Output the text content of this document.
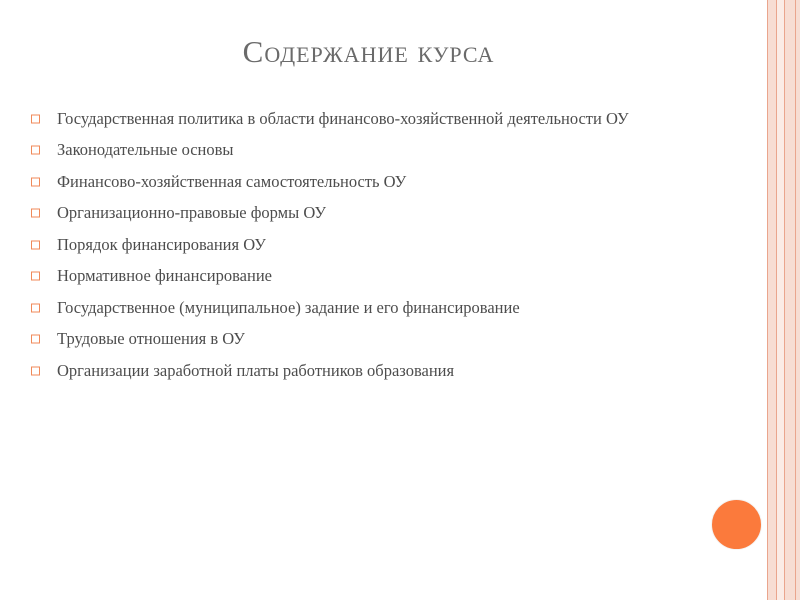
Содержание курса
Государственная политика в области финансово-хозяйственной деятельности ОУ
Законодательные основы
Финансово-хозяйственная самостоятельность ОУ
Организационно-правовые формы ОУ
Порядок финансирования ОУ
Нормативное финансирование
Государственное (муниципальное) задание и его финансирование
Трудовые отношения в ОУ
Организации заработной платы работников образования
